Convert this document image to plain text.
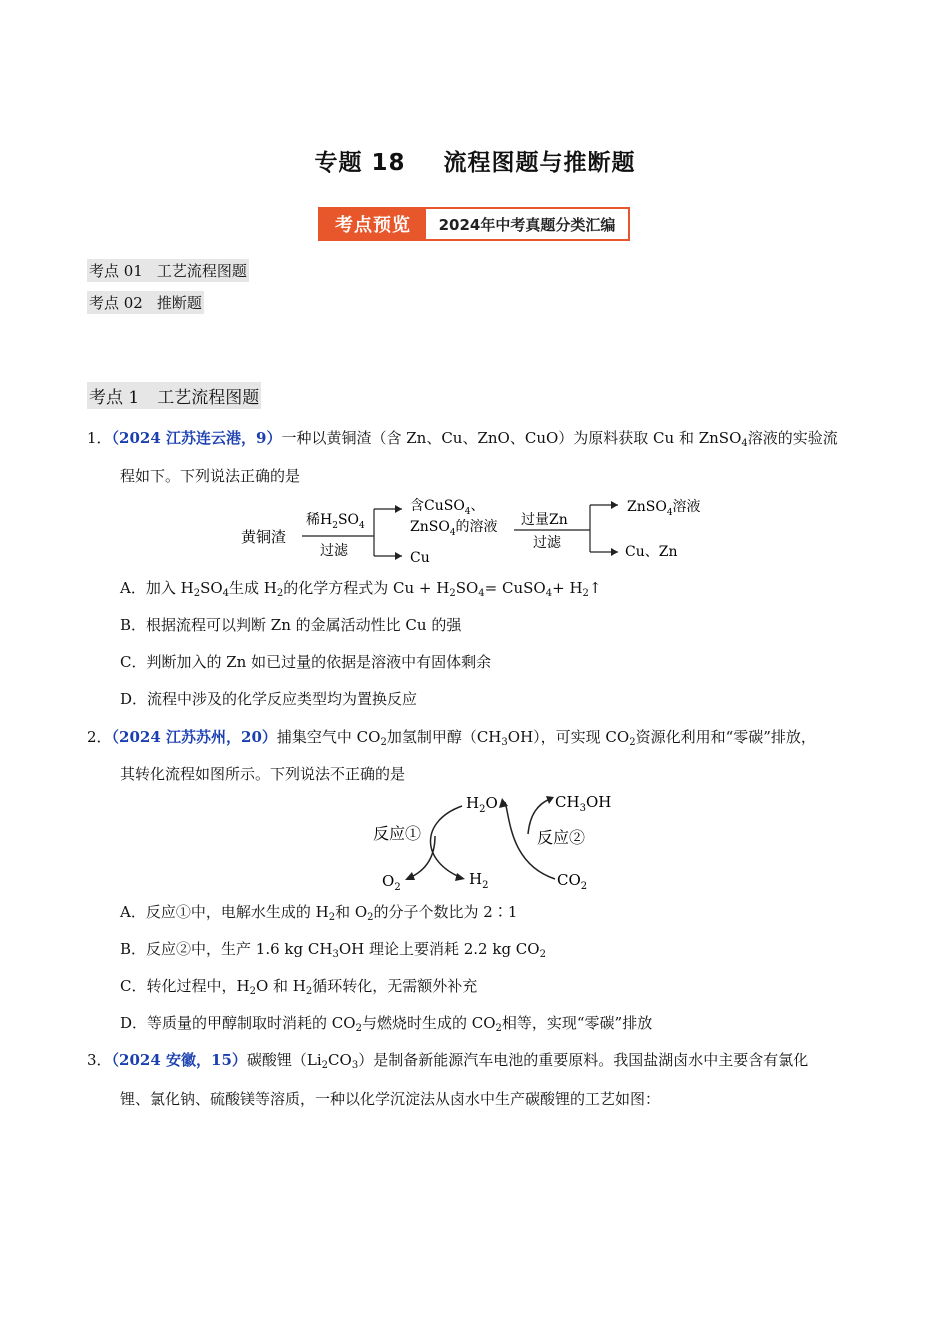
专题 18 流程图题与推断题
考点预览	2024年中考真题分类汇编
考点 01 工艺流程图题
考点 02 推断题
考点 1 工艺流程图题
1．（2024 江苏连云港，9）一种以黄铜渣（含 Zn、Cu、ZnO、CuO）为原料获取 Cu 和 ZnSO$_4$溶液的实验流
程如下。下列说法正确的是
黄铜渣
稀$H_2SO_4$
过滤
含CuSO$_4$、
ZnSO$_4$的溶液
Cu
过量Zn
过滤
ZnSO$_4$溶液
Cu、Zn
A．加入 $H_2SO_4$生成 $H_2$的化学方程式为 $Cu + H_2SO_4=$ CuSO$_4$+ $H_2↑$
B．根据流程可以判断 Zn 的金属活动性比 Cu 的强
C．判断加入的 Zn 如已过量的依据是溶液中有固体剩余
D．流程中涉及的化学反应类型均为置换反应
2．（2024 江苏苏州，20）捕集空气中 $CO_2$加氢制甲醇$(CH_3OH)$，可实现 $CO_2$资源化利用和“零碳”排放，
其转化流程如图所示。下列说法不正确的是
反应①	反应②
$H_2O$	$CH_3OH$
$O_2$	$H_2$	$CO_2$
A．反应①中，电解水生成的 $H_2$和 $O_2$的分子个数比为 2∶1
B．反应②中，生产 1.6 kg $CH_3OH$ 理论上要消耗 2.2 kg $CO_2$
C．转化过程中，$H_2O$ 和 $H_2$循环转化，无需额外补充
D．等质量的甲醇制取时消耗的 $CO_2$与燃烧时生成的 $CO_2$相等，实现“零碳”排放
3．（2024 安徽，15）碳酸锂$(Li_2CO_3)$是制备新能源汽车电池的重要原料。我国盐湖卤水中主要含有氯化
锂、氯化钠、硫酸镁等溶质，一种以化学沉淀法从卤水中生产碳酸锂的工艺如图：
